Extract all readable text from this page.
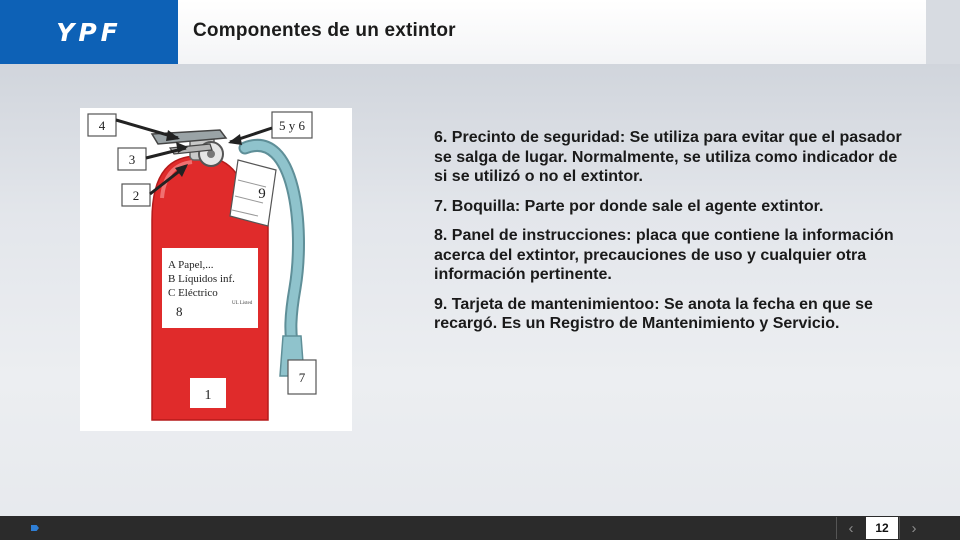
YPF	Componentes de un extintor
4
3
2
5 y 6
9
7
1
A Papel,...
B Líquidos inf.
C Eléctrico
8
UL Listed

6. Precinto de seguridad: Se utiliza para evitar que el pasador se salga de lugar. Normalmente, se utiliza como indicador de si se utilizó o no el extintor.

7. Boquilla: Parte por donde sale el agente extintor.

8. Panel de instrucciones: placa que contiene la información acerca del extintor, precauciones de uso y cualquier otra información pertinente.

9. Tarjeta de mantenimientoo: Se anota la fecha en que se recargó. Es un Registro de Mantenimiento y Servicio.

‹	12	›
